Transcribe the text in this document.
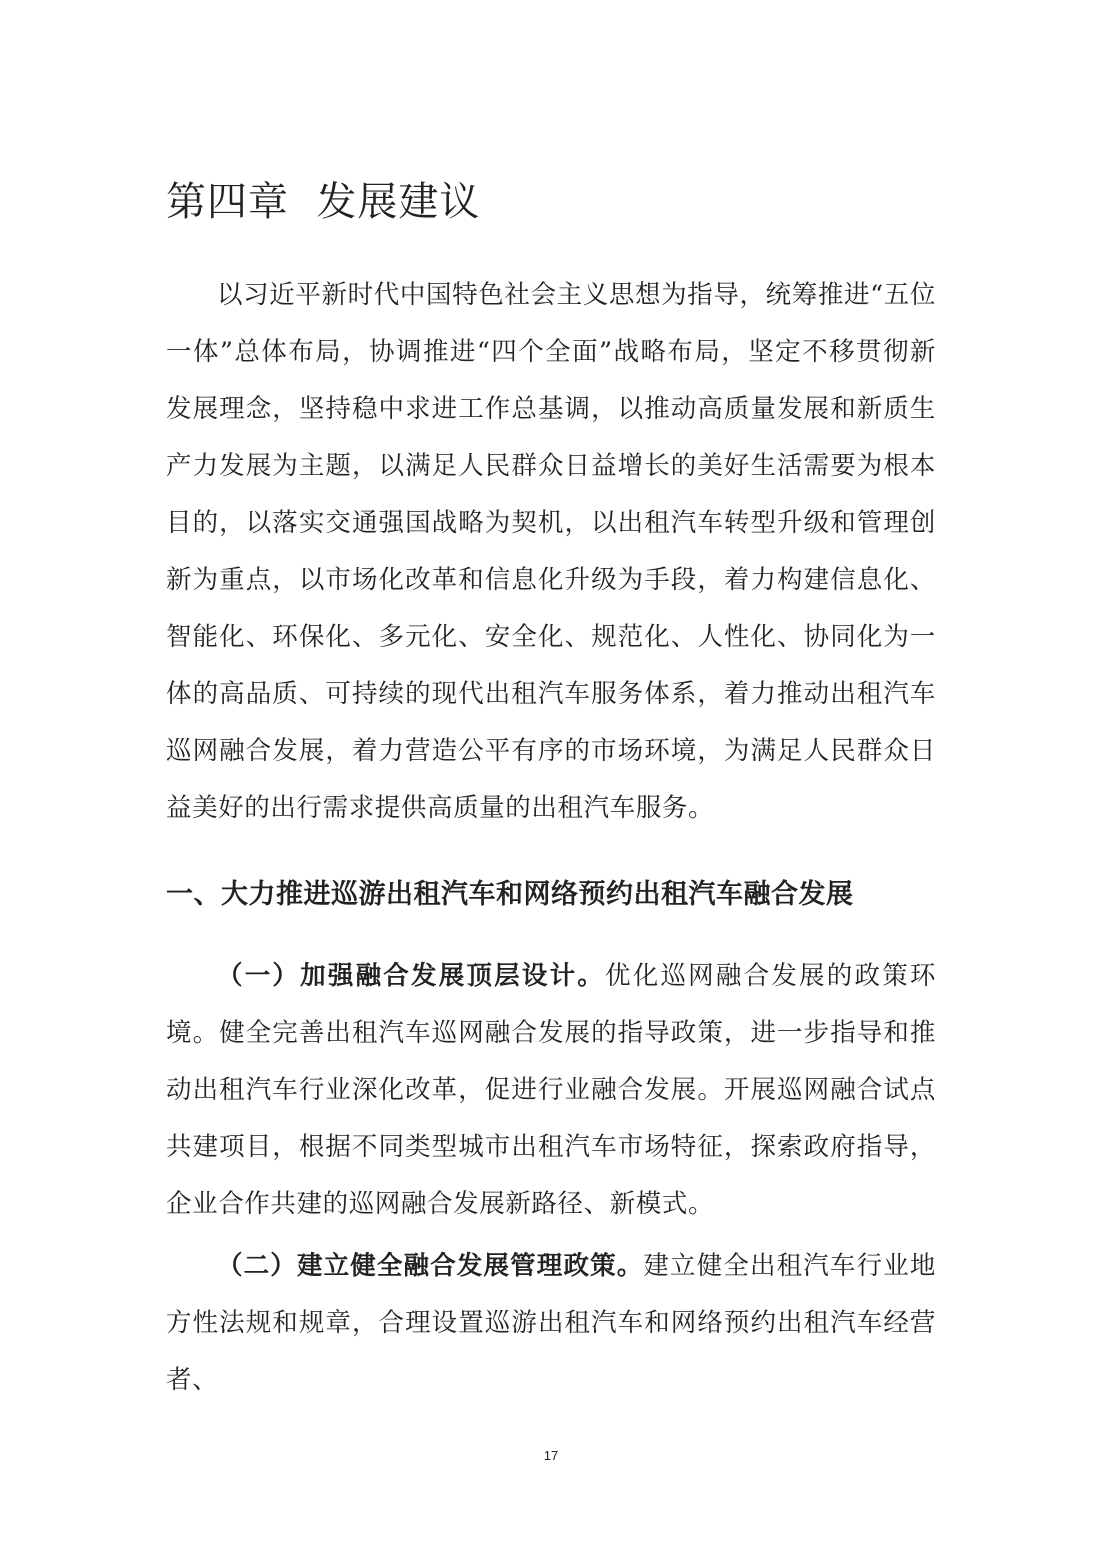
第四章  发展建议

以习近平新时代中国特色社会主义思想为指导，统筹推进“五位一体”总体布局，协调推进“四个全面”战略布局，坚定不移贯彻新发展理念，坚持稳中求进工作总基调，以推动高质量发展和新质生产力发展为主题，以满足人民群众日益增长的美好生活需要为根本目的，以落实交通强国战略为契机，以出租汽车转型升级和管理创新为重点，以市场化改革和信息化升级为手段，着力构建信息化、智能化、环保化、多元化、安全化、规范化、人性化、协同化为一体的高品质、可持续的现代出租汽车服务体系，着力推动出租汽车巡网融合发展，着力营造公平有序的市场环境，为满足人民群众日益美好的出行需求提供高质量的出租汽车服务。

一、大力推进巡游出租汽车和网络预约出租汽车融合发展

（一）加强融合发展顶层设计。优化巡网融合发展的政策环境。健全完善出租汽车巡网融合发展的指导政策，进一步指导和推动出租汽车行业深化改革，促进行业融合发展。开展巡网融合试点共建项目，根据不同类型城市出租汽车市场特征，探索政府指导，企业合作共建的巡网融合发展新路径、新模式。

（二）建立健全融合发展管理政策。建立健全出租汽车行业地方性法规和规章，合理设置巡游出租汽车和网络预约出租汽车经营者、

17
